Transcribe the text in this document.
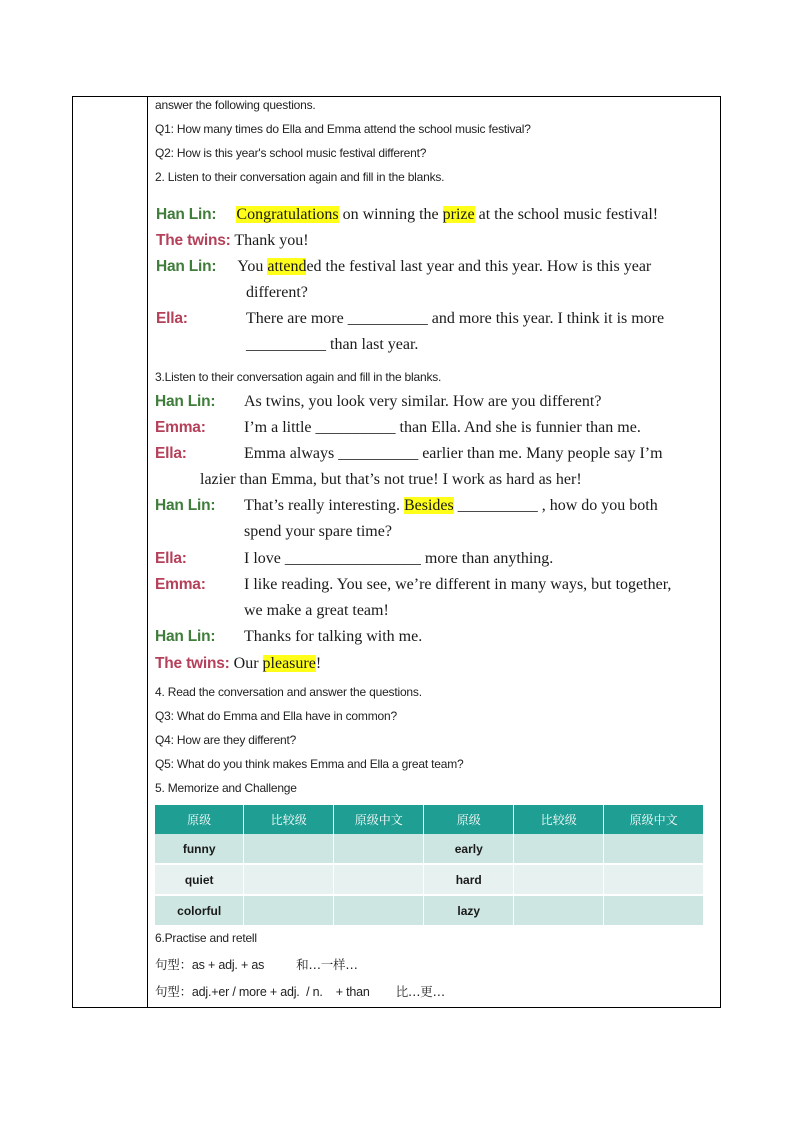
answer the following questions.
Q1: How many times do Ella and Emma attend the school music festival?
Q2: How is this year's school music festival different?
2. Listen to their conversation again and fill in the blanks.
Han Lin: Congratulations on winning the prize at the school music festival!
The twins: Thank you!
Han Lin: You attended the festival last year and this year. How is this year
different?
Ella:	There are more __________ and more this year. I think it is more
__________ than last year.
3.Listen to their conversation again and fill in the blanks.
Han Lin: As twins, you look very similar. How are you different?
Emma: I’m a little __________ than Ella. And she is funnier than me.
Ella:	Emma always __________ earlier than me. Many people say I’m
lazier than Emma, but that’s not true! I work as hard as her!
Han Lin: That’s really interesting. Besides __________ , how do you both
spend your spare time?
Ella:	I love _________________ more than anything.
Emma: I like reading. You see, we’re different in many ways, but together,
we make a great team!
Han Lin: Thanks for talking with me.
The twins: Our pleasure!
4. Read the conversation and answer the questions.
Q3: What do Emma and Ella have in common?
Q4: How are they different?
Q5: What do you think makes Emma and Ella a great team?
5. Memorize and Challenge
原级	比较级	原级中文	原级	比较级	原级中文
funny			early		
quiet			hard		
colorful			lazy		
6.Practise and retell
句型：as + adj. + as	和…一样…
句型：adj.+er / more + adj.  / n.    + than 比…更…
